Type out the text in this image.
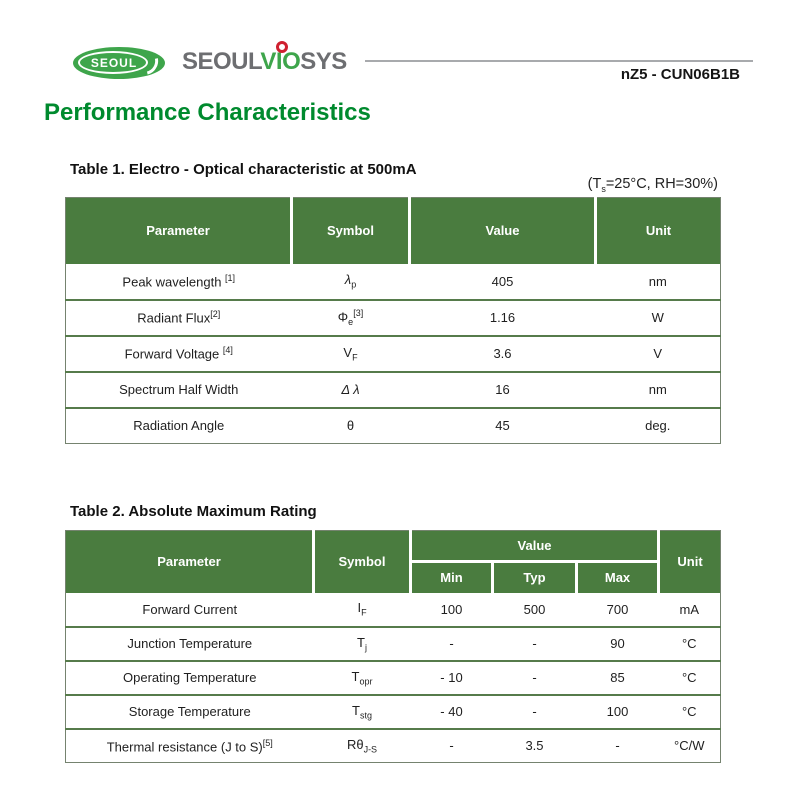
SEOUL SEOULVIOSYS	nZ5 - CUN06B1B
Performance Characteristics
Table 1. Electro - Optical characteristic at 500mA
($T_s=25^\circ C$, RH=30%)
Parameter	Symbol	Value	Unit
Peak wavelength [1]	$\lambda_p$	405	nm
Radiant Flux[2]	$\Phi_e[3]$	1.16	W
Forward Voltage [4]	$V_F$	3.6	V
Spectrum Half Width	Δ λ	16	nm
Radiation Angle	θ	45	deg.
Table 2. Absolute Maximum Rating
Parameter	Symbol	Value			Unit
		Min	Typ	Max	
Forward Current	$I_F$	100	500	700	mA
Junction Temperature	$T_j$	-	-	90	°C
Operating Temperature	$T_{opr}$	- 10	-	85	°C
Storage Temperature	$T_{stg}$	- 40	-	100	°C
Thermal resistance (J to S)[5]	$R\theta_{J-S}$	-	3.5	-	°C/W
